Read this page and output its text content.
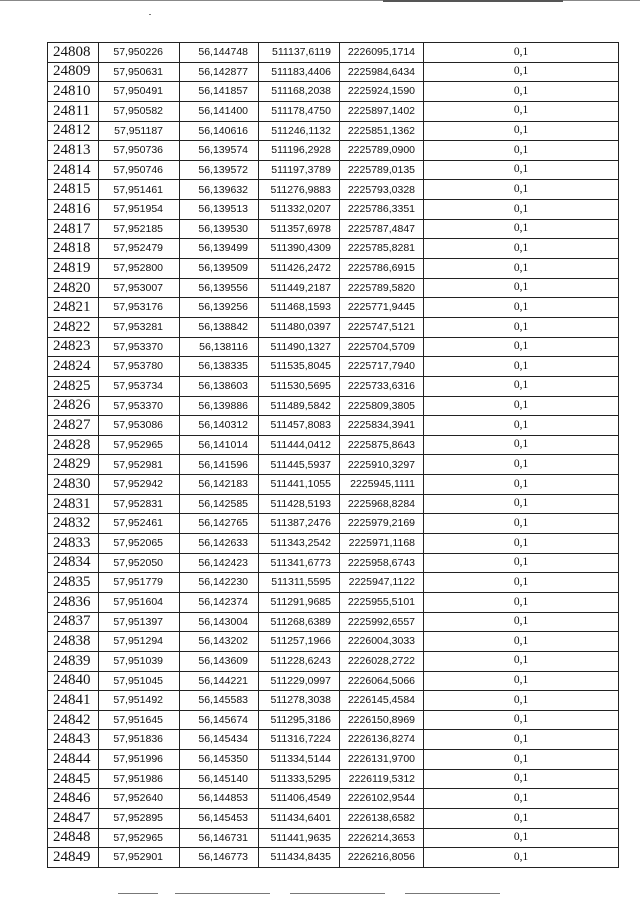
24808	57,950226	56,144748	511137,6119	2226095,1714	0,1
24809	57,950631	56,142877	511183,4406	2225984,6434	0,1
24810	57,950491	56,141857	511168,2038	2225924,1590	0,1
24811	57,950582	56,141400	511178,4750	2225897,1402	0,1
24812	57,951187	56,140616	511246,1132	2225851,1362	0,1
24813	57,950736	56,139574	511196,2928	2225789,0900	0,1
24814	57,950746	56,139572	511197,3789	2225789,0135	0,1
24815	57,951461	56,139632	511276,9883	2225793,0328	0,1
24816	57,951954	56,139513	511332,0207	2225786,3351	0,1
24817	57,952185	56,139530	511357,6978	2225787,4847	0,1
24818	57,952479	56,139499	511390,4309	2225785,8281	0,1
24819	57,952800	56,139509	511426,2472	2225786,6915	0,1
24820	57,953007	56,139556	511449,2187	2225789,5820	0,1
24821	57,953176	56,139256	511468,1593	2225771,9445	0,1
24822	57,953281	56,138842	511480,0397	2225747,5121	0,1
24823	57,953370	56,138116	511490,1327	2225704,5709	0,1
24824	57,953780	56,138335	511535,8045	2225717,7940	0,1
24825	57,953734	56,138603	511530,5695	2225733,6316	0,1
24826	57,953370	56,139886	511489,5842	2225809,3805	0,1
24827	57,953086	56,140312	511457,8083	2225834,3941	0,1
24828	57,952965	56,141014	511444,0412	2225875,8643	0,1
24829	57,952981	56,141596	511445,5937	2225910,3297	0,1
24830	57,952942	56,142183	511441,1055	2225945,1111	0,1
24831	57,952831	56,142585	511428,5193	2225968,8284	0,1
24832	57,952461	56,142765	511387,2476	2225979,2169	0,1
24833	57,952065	56,142633	511343,2542	2225971,1168	0,1
24834	57,952050	56,142423	511341,6773	2225958,6743	0,1
24835	57,951779	56,142230	511311,5595	2225947,1122	0,1
24836	57,951604	56,142374	511291,9685	2225955,5101	0,1
24837	57,951397	56,143004	511268,6389	2225992,6557	0,1
24838	57,951294	56,143202	511257,1966	2226004,3033	0,1
24839	57,951039	56,143609	511228,6243	2226028,2722	0,1
24840	57,951045	56,144221	511229,0997	2226064,5066	0,1
24841	57,951492	56,145583	511278,3038	2226145,4584	0,1
24842	57,951645	56,145674	511295,3186	2226150,8969	0,1
24843	57,951836	56,145434	511316,7224	2226136,8274	0,1
24844	57,951996	56,145350	511334,5144	2226131,9700	0,1
24845	57,951986	56,145140	511333,5295	2226119,5312	0,1
24846	57,952640	56,144853	511406,4549	2226102,9544	0,1
24847	57,952895	56,145453	511434,6401	2226138,6582	0,1
24848	57,952965	56,146731	511441,9635	2226214,3653	0,1
24849	57,952901	56,146773	511434,8435	2226216,8056	0,1
